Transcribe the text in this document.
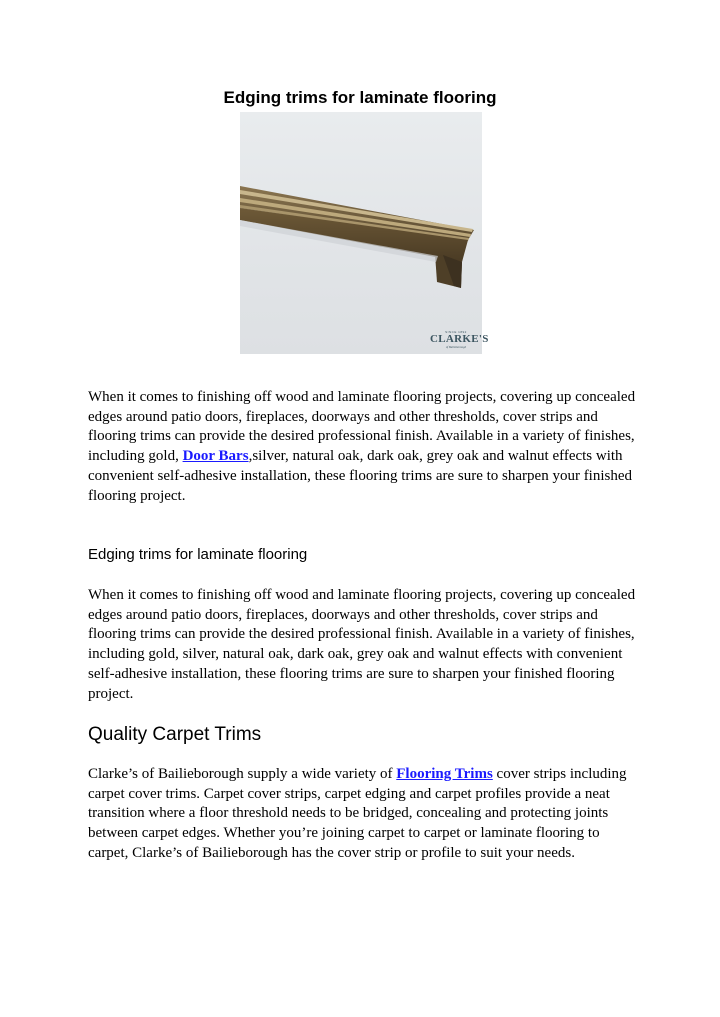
Edging trims for laminate flooring
SINCE 1892
CLARKE'S
of Bailieborough

When it comes to finishing off wood and laminate flooring projects, covering up concealed edges around patio doors, fireplaces, doorways and other thresholds, cover strips and flooring trims can provide the desired professional finish. Available in a variety of finishes, including gold, Door Bars,silver, natural oak, dark oak, grey oak and walnut effects with convenient self-adhesive installation, these flooring trims are sure to sharpen your finished flooring project.

Edging trims for laminate flooring

When it comes to finishing off wood and laminate flooring projects, covering up concealed edges around patio doors, fireplaces, doorways and other thresholds, cover strips and flooring trims can provide the desired professional finish. Available in a variety of finishes, including gold, silver, natural oak, dark oak, grey oak and walnut effects with convenient self-adhesive installation, these flooring trims are sure to sharpen your finished flooring project.

Quality Carpet Trims

Clarke’s of Bailieborough supply a wide variety of Flooring Trims cover strips including carpet cover trims. Carpet cover strips, carpet edging and carpet profiles provide a neat transition where a floor threshold needs to be bridged, concealing and protecting joints between carpet edges. Whether you’re joining carpet to carpet or laminate flooring to carpet, Clarke’s of Bailieborough has the cover strip or profile to suit your needs.
